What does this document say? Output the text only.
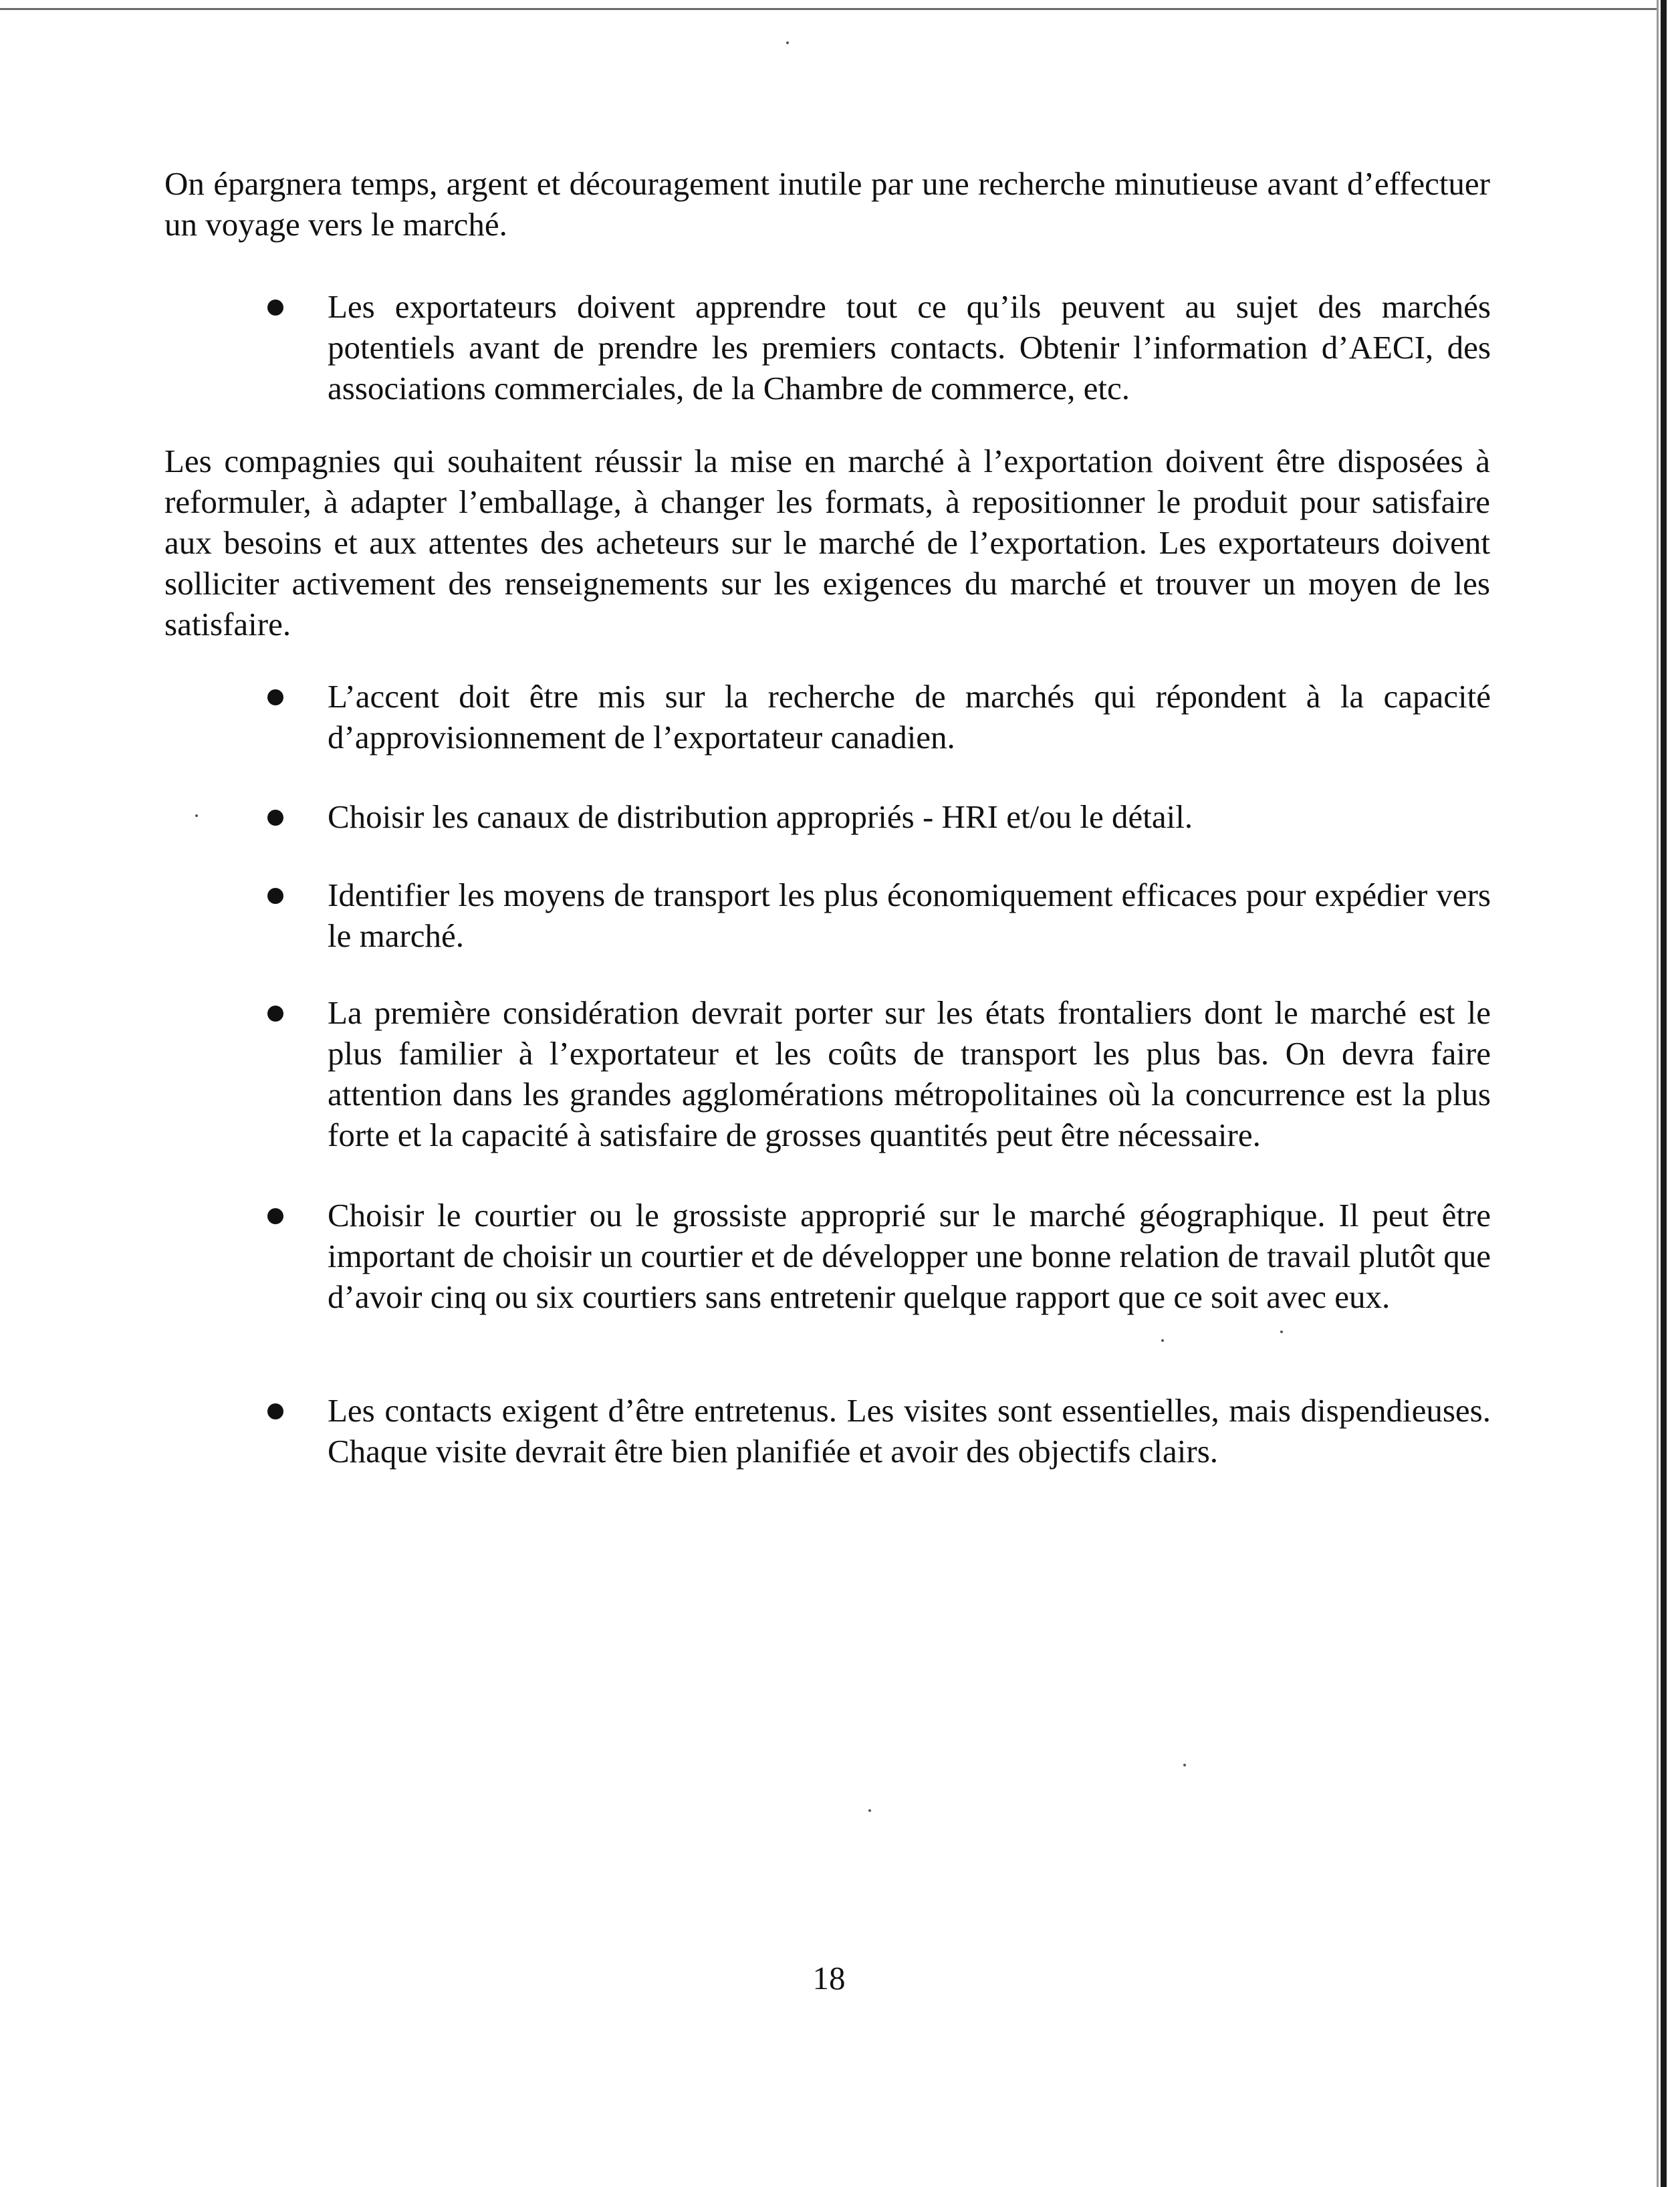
On épargnera temps, argent et découragement inutile par une recherche minutieuse avant d’effectuer un voyage vers le marché.

Les exportateurs doivent apprendre tout ce qu’ils peuvent au sujet des marchés potentiels avant de prendre les premiers contacts. Obtenir l’information d’AECI, des associations commerciales, de la Chambre de commerce, etc.

Les compagnies qui souhaitent réussir la mise en marché à l’exportation doivent être disposées à reformuler, à adapter l’emballage, à changer les formats, à repositionner le produit pour satisfaire aux besoins et aux attentes des acheteurs sur le marché de l’exportation. Les exportateurs doivent solliciter activement des renseignements sur les exigences du marché et trouver un moyen de les satisfaire.

L’accent doit être mis sur la recherche de marchés qui répondent à la capacité d’approvisionnement de l’exportateur canadien.

Choisir les canaux de distribution appropriés - HRI et/ou le détail.

Identifier les moyens de transport les plus économiquement efficaces pour expédier vers le marché.

La première considération devrait porter sur les états frontaliers dont le marché est le plus familier à l’exportateur et les coûts de transport les plus bas. On devra faire attention dans les grandes agglomérations métropolitaines où la concurrence est la plus forte et la capacité à satisfaire de grosses quantités peut être nécessaire.

Choisir le courtier ou le grossiste approprié sur le marché géographique. Il peut être important de choisir un courtier et de développer une bonne relation de travail plutôt que d’avoir cinq ou six courtiers sans entretenir quelque rapport que ce soit avec eux.

Les contacts exigent d’être entretenus. Les visites sont essentielles, mais dispendieuses. Chaque visite devrait être bien planifiée et avoir des objectifs clairs.

18
